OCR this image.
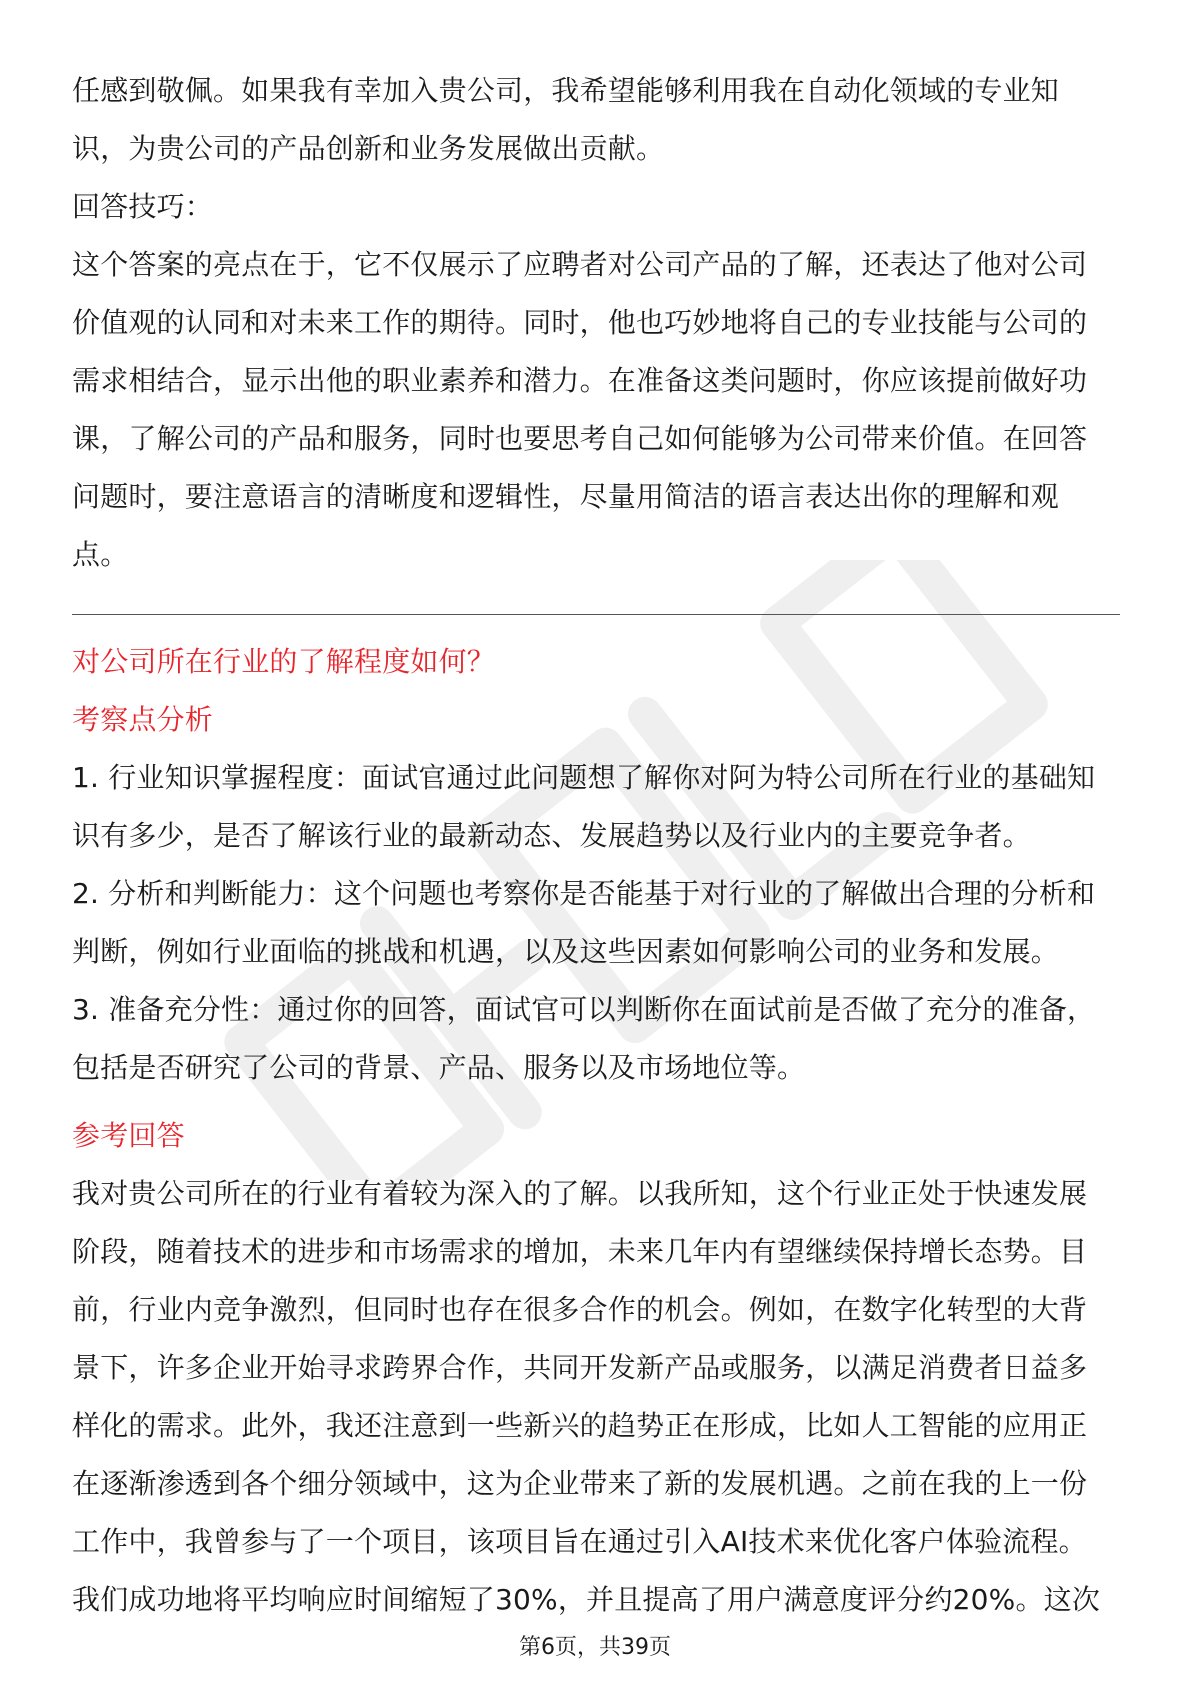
任感到敬佩。如果我有幸加入贵公司，我希望能够利用我在自动化领域的专业知
识，为贵公司的产品创新和业务发展做出贡献。
回答技巧：
这个答案的亮点在于，它不仅展示了应聘者对公司产品的了解，还表达了他对公司
价值观的认同和对未来工作的期待。同时，他也巧妙地将自己的专业技能与公司的
需求相结合，显示出他的职业素养和潜力。在准备这类问题时，你应该提前做好功
课，了解公司的产品和服务，同时也要思考自己如何能够为公司带来价值。在回答
问题时，要注意语言的清晰度和逻辑性，尽量用简洁的语言表达出你的理解和观
点。
对公司所在行业的了解程度如何？
考察点分析
1. 行业知识掌握程度：面试官通过此问题想了解你对阿为特公司所在行业的基础知
识有多少，是否了解该行业的最新动态、发展趋势以及行业内的主要竞争者。
2. 分析和判断能力：这个问题也考察你是否能基于对行业的了解做出合理的分析和
判断，例如行业面临的挑战和机遇，以及这些因素如何影响公司的业务和发展。
3. 准备充分性：通过你的回答，面试官可以判断你在面试前是否做了充分的准备，
包括是否研究了公司的背景、产品、服务以及市场地位等。
参考回答
我对贵公司所在的行业有着较为深入的了解。以我所知，这个行业正处于快速发展
阶段，随着技术的进步和市场需求的增加，未来几年内有望继续保持增长态势。目
前，行业内竞争激烈，但同时也存在很多合作的机会。例如，在数字化转型的大背
景下，许多企业开始寻求跨界合作，共同开发新产品或服务，以满足消费者日益多
样化的需求。此外，我还注意到一些新兴的趋势正在形成，比如人工智能的应用正
在逐渐渗透到各个细分领域中，这为企业带来了新的发展机遇。之前在我的上一份
工作中，我曾参与了一个项目，该项目旨在通过引入AI技术来优化客户体验流程。
我们成功地将平均响应时间缩短了30%，并且提高了用户满意度评分约20%。这次
第6页，共39页
